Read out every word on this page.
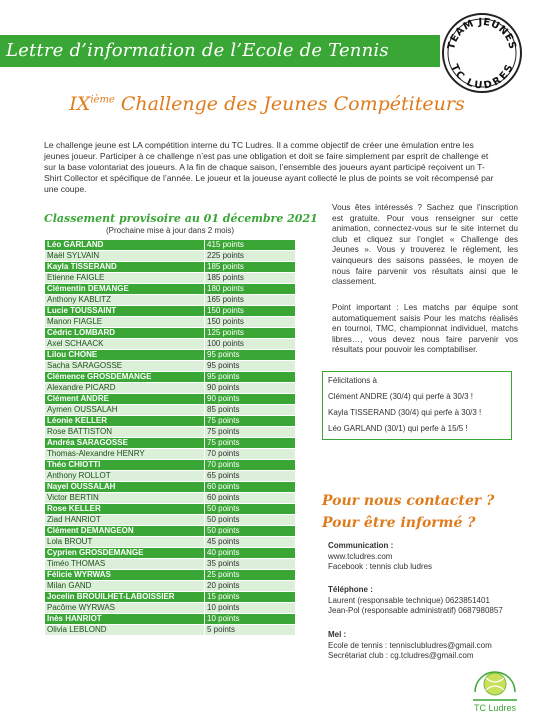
Lettre d’information de l’Ecole de Tennis	TEAM JEUNES
TC LUDRES
IXième Challenge des Jeunes Compétiteurs
Le challenge jeune est LA compétition interne du TC Ludres. Il a comme objectif de créer une émulation entre les jeunes joueur. Participer à ce challenge n’est pas une obligation et doit se faire simplement par esprit de challenge et sur la base volontariat des joueurs. A la fin de chaque saison, l’ensemble des joueurs ayant participé reçoivent un T-Shirt Collector et spécifique de l’année. Le joueur et la joueuse ayant collecté le plus de points se voit récompensé par une coupe.
Classement provisoire au 01 décembre 2021
(Prochaine mise à jour dans 2 mois)
Léo GARLAND	415 points
Maël SYLVAIN	225 points
Kayla TISSERAND	185 points
Etienne FAIGLE	185 points
Clémentin DEMANGE	180 points
Anthony KABLITZ	165 points
Lucie TOUSSAINT	150 points
Manon FIAGLE	150 points
Cédric LOMBARD	125 points
Axel SCHAACK	100 points
Lilou CHONE	95 points
Sacha SARAGOSSE	95 points
Clémence GROSDEMANGE	95 points
Alexandre PICARD	90 points
Clément ANDRE	90 points
Aymen OUSSALAH	85 points
Léonie KELLER	75 points
Rose BATTISTON	75 points
Andréa SARAGOSSE	75 points
Thomas-Alexandre HENRY	70 points
Théo CHIOTTI	70 points
Anthony ROLLOT	65 points
Nayel OUSSALAH	60 points
Victor BERTIN	60 points
Rose KELLER	50 points
Ziad HANRIOT	50 points
Clément DEMANGEON	50 points
Lola BROUT	45 points
Cyprien GROSDEMANGE	40 points
Timéo THOMAS	35 points
Félicie WYRWAS	25 points
Milan GAND	20 points
Jocelin BROUILHET-LABOISSIER	15 points
Pacôme WYRWAS	10 points
Inès HANRIOT	10 points
Olivia LEBLOND	5 points
Vous êtes intéressés ? Sachez que l’inscription est gratuite. Pour vous renseigner sur cette animation, connectez-vous sur le site internet du club et cliquez sur l’onglet « Challenge des Jeunes ». Vous y trouverez le règlement, les vainqueurs des saisons passées, le moyen de nous faire parvenir vos résultats ainsi que le classement.
Point important : Les matchs par équipe sont automatiquement saisis Pour les matchs réalisés en tournoi, TMC, championnat individuel, matchs libres…, vous devez nous faire parvenir vos résultats pour pouvoir les comptabiliser.
Félicitations à
Clément ANDRE (30/4) qui perfe à 30/3 !
Kayla TISSERAND (30/4) qui perfe à 30/3 !
Léo GARLAND (30/1) qui perfe à 15/5 !
Pour nous contacter ?
Pour être informé ?
Communication :
www.tcludres.com
Facebook : tennis club ludres
Téléphone :
Laurent (responsable technique) 0623851401
Jean-Pol (responsable administratif) 0687980857
Mel :
Ecole de tennis : tennisclubludres@gmail.com
Secrétariat club : cg.tcludres@gmail.com
TC Ludres
